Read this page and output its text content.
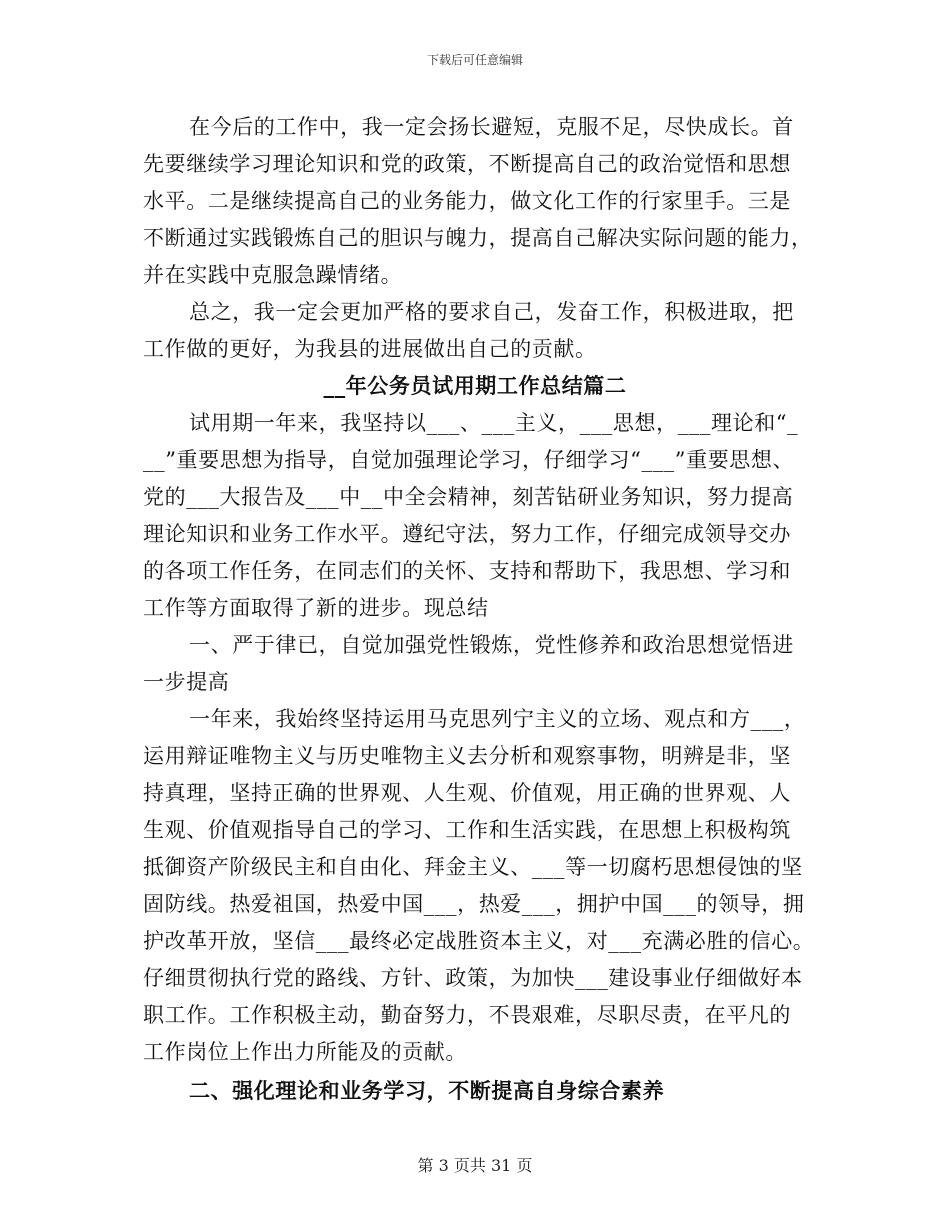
下载后可任意编辑
在今后的工作中，我一定会扬长避短，克服不足，尽快成长。首
先要继续学习理论知识和党的政策，不断提高自己的政治觉悟和思想
水平。二是继续提高自己的业务能力，做文化工作的行家里手。三是
不断通过实践锻炼自己的胆识与魄力，提高自己解决实际问题的能力，
并在实践中克服急躁情绪。
总之，我一定会更加严格的要求自己，发奋工作，积极进取，把
工作做的更好，为我县的进展做出自己的贡献。
__年公务员试用期工作总结篇二
试用期一年来，我坚持以___、___主义，___思想，___理论和“_
__”重要思想为指导，自觉加强理论学习，仔细学习“___”重要思想、
党的___大报告及___中__中全会精神，刻苦钻研业务知识，努力提高
理论知识和业务工作水平。遵纪守法，努力工作，仔细完成领导交办
的各项工作任务，在同志们的关怀、支持和帮助下，我思想、学习和
工作等方面取得了新的进步。现总结
一、严于律已，自觉加强党性锻炼，党性修养和政治思想觉悟进
一步提高
一年来，我始终坚持运用马克思列宁主义的立场、观点和方___，
运用辩证唯物主义与历史唯物主义去分析和观察事物，明辨是非，坚
持真理，坚持正确的世界观、人生观、价值观，用正确的世界观、人
生观、价值观指导自己的学习、工作和生活实践，在思想上积极构筑
抵御资产阶级民主和自由化、拜金主义、___等一切腐朽思想侵蚀的坚
固防线。热爱祖国，热爱中国___，热爱___，拥护中国___的领导，拥
护改革开放，坚信___最终必定战胜资本主义，对___充满必胜的信心。
仔细贯彻执行党的路线、方针、政策，为加快___建设事业仔细做好本
职工作。工作积极主动，勤奋努力，不畏艰难，尽职尽责，在平凡的
工作岗位上作出力所能及的贡献。
二、强化理论和业务学习，不断提高自身综合素养
第 3 页共 31 页
